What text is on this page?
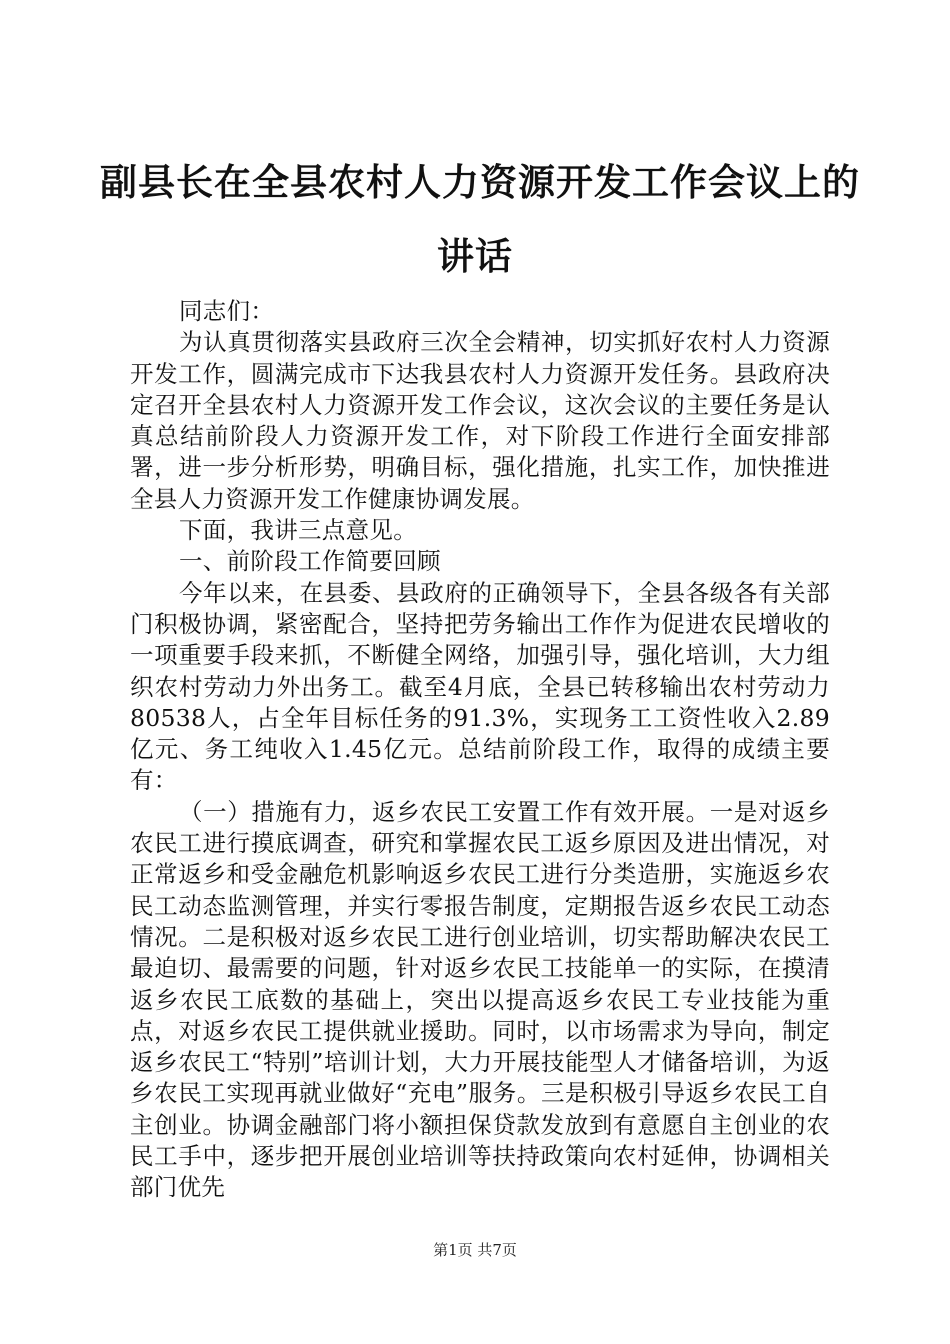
副县长在全县农村人力资源开发工作会议上的
讲话

同志们：

为认真贯彻落实县政府三次全会精神，切实抓好农村人力资源开发工作，圆满完成市下达我县农村人力资源开发任务。县政府决定召开全县农村人力资源开发工作会议，这次会议的主要任务是认真总结前阶段人力资源开发工作，对下阶段工作进行全面安排部署，进一步分析形势，明确目标，强化措施，扎实工作，加快推进全县人力资源开发工作健康协调发展。

下面，我讲三点意见。

一、前阶段工作简要回顾

今年以来，在县委、县政府的正确领导下，全县各级各有关部门积极协调，紧密配合，坚持把劳务输出工作作为促进农民增收的一项重要手段来抓，不断健全网络，加强引导，强化培训，大力组织农村劳动力外出务工。截至4月底，全县已转移输出农村劳动力80538人，占全年目标任务的91.3%，实现务工工资性收入2.89亿元、务工纯收入1.45亿元。总结前阶段工作，取得的成绩主要有：

（一）措施有力，返乡农民工安置工作有效开展。一是对返乡农民工进行摸底调查，研究和掌握农民工返乡原因及进出情况，对正常返乡和受金融危机影响返乡农民工进行分类造册，实施返乡农民工动态监测管理，并实行零报告制度，定期报告返乡农民工动态情况。二是积极对返乡农民工进行创业培训，切实帮助解决农民工最迫切、最需要的问题，针对返乡农民工技能单一的实际，在摸清返乡农民工底数的基础上，突出以提高返乡农民工专业技能为重点，对返乡农民工提供就业援助。同时，以市场需求为导向，制定返乡农民工“特别”培训计划，大力开展技能型人才储备培训，为返乡农民工实现再就业做好“充电”服务。三是积极引导返乡农民工自主创业。协调金融部门将小额担保贷款发放到有意愿自主创业的农民工手中，逐步把开展创业培训等扶持政策向农村延伸，协调相关部门优先

第1页 共7页
